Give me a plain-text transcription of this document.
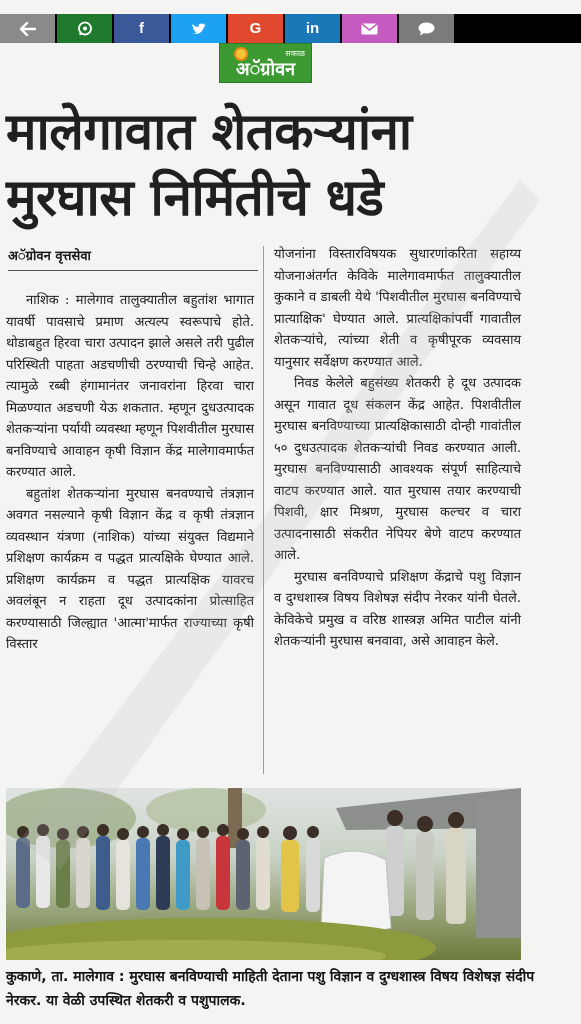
f	G	in
सकाळ
अॅग्रोवन
मालेगावात शेतकऱ्यांना
मुरघास निर्मितीचे धडे
अॅग्रोवन वृत्तसेवा

नाशिक : मालेगाव तालुक्यातील बहुतांश भागात यावर्षी पावसाचे प्रमाण अत्यल्प स्वरूपाचे होते. थोडाबहुत हिरवा चारा उत्पादन झाले असले तरी पुढील परिस्थिती पाहता अडचणीची ठरण्याची चिन्हे आहेत. त्यामुळे रब्बी हंगामानंतर जनावरांना हिरवा चारा मिळण्यात अडचणी येऊ शकतात. म्हणून दुधउत्पादक शेतकऱ्यांना पर्यायी व्यवस्था म्हणून पिशवीतील मुरघास बनविण्याचे आवाहन कृषी विज्ञान केंद्र मालेगावमार्फत करण्यात आले.

बहुतांश शेतकऱ्यांना मुरघास बनवण्याचे तंत्रज्ञान अवगत नसल्याने कृषी विज्ञान केंद्र व कृषी तंत्रज्ञान व्यवस्थान यंत्रणा (नाशिक) यांच्या संयुक्त विद्यमाने प्रशिक्षण कार्यक्रम व पद्धत प्रात्यक्षिके घेण्यात आले. प्रशिक्षण कार्यक्रम व पद्धत प्रात्यक्षिक यावरच अवलंबून न राहता दूध उत्पादकांना प्रोत्साहित करण्यासाठी जिल्ह्यात 'आत्मा'मार्फत राज्याच्या कृषी विस्तार

योजनांना विस्तारविषयक सुधारणांकरिता सहाय्य योजनाअंतर्गत केविके मालेगावमार्फत तालुक्यातील कुकाने व डाबली येथे 'पिशवीतील मुरघास बनविण्याचे प्रात्याक्षिक' घेण्यात आले. प्रात्यक्षिकांपर्वी गावातील शेतकऱ्यांचे, त्यांच्या शेती व कृषीपूरक व्यवसाय यानुसार सर्वेक्षण करण्यात आले.

निवड केलेले बहुसंख्य शेतकरी हे दूध उत्पादक असून गावात दूध संकलन केंद्र आहेत. पिशवीतील मुरघास बनविण्याच्या प्रात्यक्षिकासाठी दोन्ही गावांतील ५० दुधउत्पादक शेतकऱ्यांची निवड करण्यात आली. मुरघास बनविण्यासाठी आवश्यक संपूर्ण साहित्याचे वाटप करण्यात आले. यात मुरघास तयार करण्याची पिशवी, क्षार मिश्रण, मुरघास कल्चर व चारा उत्पादनासाठी संकरीत नेपियर बेणे वाटप करण्यात आले.

मुरघास बनविण्याचे प्रशिक्षण केंद्राचे पशु विज्ञान व दुग्धशास्त्र विषय विशेषज्ञ संदीप नेरकर यांनी घेतले. केविकेचे प्रमुख व वरिष्ठ शास्त्रज्ञ अमित पाटील यांनी शेतकऱ्यांनी मुरघास बनवावा, असे आवाहन केले.

कुकाणे, ता. मालेगाव : मुरघास बनविण्याची माहिती देताना पशु विज्ञान व दुग्धशास्त्र विषय विशेषज्ञ संदीप नेरकर. या वेळी उपस्थित शेतकरी व पशुपालक.
